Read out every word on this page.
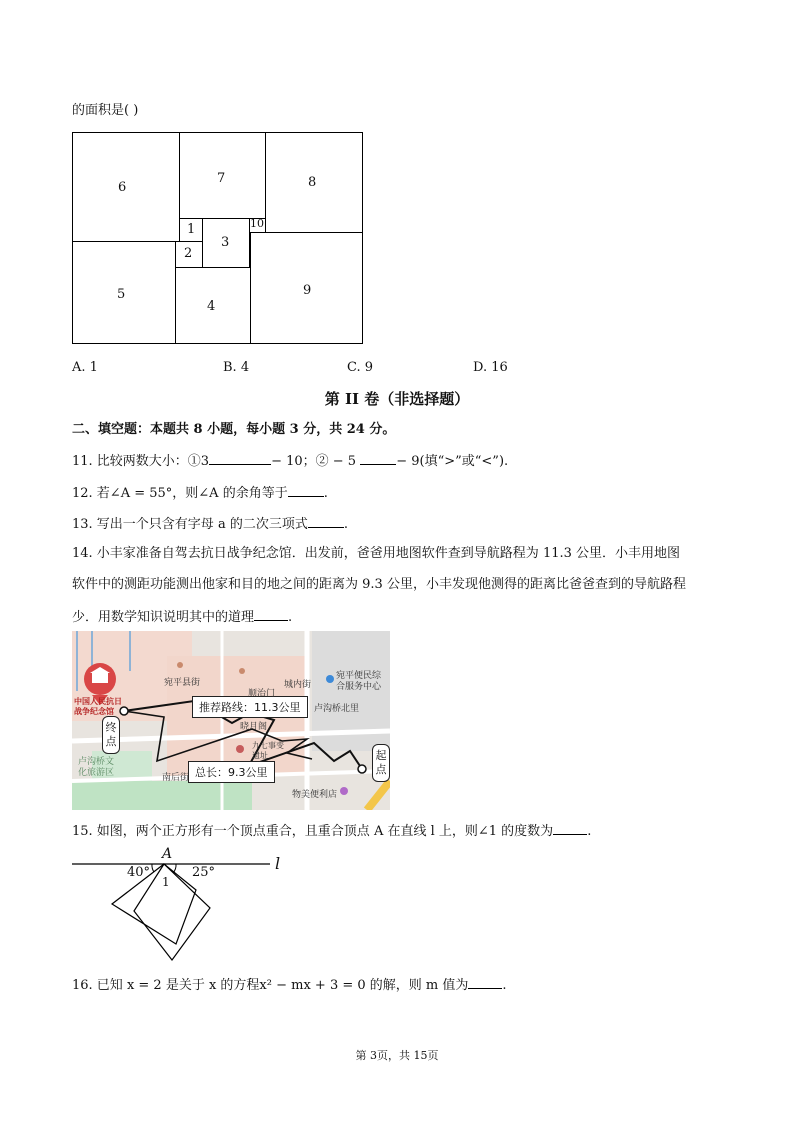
的面积是( )
6
7	8
1	10
2
3
5
4
9
A. 1	B. 4	C. 9	D. 16
第 II 卷（非选择题）
二、填空题：本题共 8 小题，每小题 3 分，共 24 分。
11. 比较两数大小：①3	− 10；② − 5	− 9(填“>”或“<”).
12. 若∠A = 55°，则∠A 的余角等于	.
13. 写出一个只含有字母 a 的二次三项式	.
14. 小丰家准备自驾去抗日战争纪念馆．出发前，爸爸用地图软件查到导航路程为 11.3 公里．小丰用地图
软件中的测距功能测出他家和目的地之间的距离为 9.3 公里，小丰发现他测得的距离比爸爸查到的导航路程
少．用数学知识说明其中的道理	.
中国人民抗日
战争纪念馆
终点
起点
推荐路线：11.3公里
总长：9.3公里
宛平县街	城内街
宛平便民综
合服务中心
顺治门
晓月阁
卢沟桥北里
卢沟桥文
化旅游区	南后街
物美便利店
九七事变
遗址
15. 如图，两个正方形有一个顶点重合，且重合顶点 A 在直线 l 上，则∠1 的度数为	.
A	l
40°	25°
1
16. 已知 x = 2 是关于 x 的方程x² − mx + 3 = 0 的解，则 m 值为	.
第 3页，共 15页
